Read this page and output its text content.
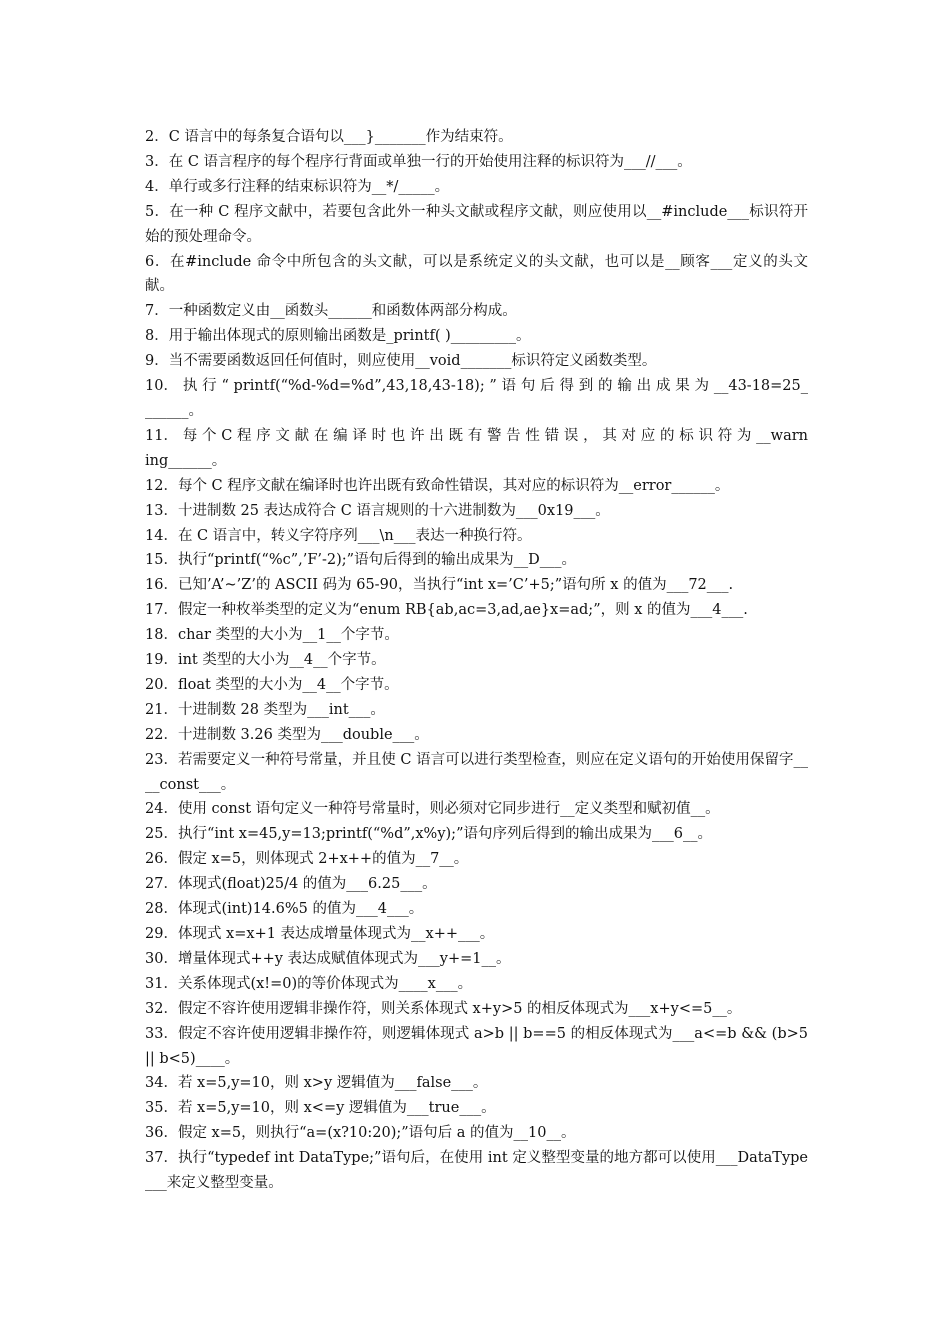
2．C 语言中的每条复合语句以___}_______作为结束符。

3．在 C 语言程序的每个程序行背面或单独一行的开始使用注释的标识符为___//___。

4．单行或多行注释的结束标识符为__*/_____。

5．在一种 C 程序文献中，若要包含此外一种头文献或程序文献，则应使用以__#include___标识符开始的预处理命令。

6．在#include 命令中所包含的头文献，可以是系统定义的头文献，也可以是__顾客___定义的头文献。

7．一种函数定义由__函数头______和函数体两部分构成。

8．用于输出体现式的原则输出函数是_printf( )_________。

9．当不需要函数返回任何值时，则应使用__void_______标识符定义函数类型。

10． 执 行 “ printf(“%d-%d=%d”,43,18,43-18); ” 语 句 后 得 到 的 输 出 成 果 为 __43-18=25_______。

11． 每 个 C 程 序 文 献 在 编 译 时 也 许 出 既 有 警 告 性 错 误 ， 其 对 应 的 标 识 符 为 __warning______。

12．每个 C 程序文献在编译时也许出既有致命性错误，其对应的标识符为__error______。

13．十进制数 25 表达成符合 C 语言规则的十六进制数为___0x19___。

14．在 C 语言中，转义字符序列___\n___表达一种换行符。

15．执行“printf(“%c”,’F’-2);”语句后得到的输出成果为__D___。

16．已知’A’~’Z’的 ASCII 码为 65-90，当执行“int x=’C’+5;”语句所 x 的值为___72___.

17．假定一种枚举类型的定义为“enum RB{ab,ac=3,ad,ae}x=ad;”，则 x 的值为___4___.

18．char 类型的大小为__1__个字节。

19．int 类型的大小为__4__个字节。

20．float 类型的大小为__4__个字节。

21．十进制数 28 类型为___int___。

22．十进制数 3.26 类型为___double___。

23．若需要定义一种符号常量，并且使 C 语言可以进行类型检查，则应在定义语句的开始使用保留字____const___。

24．使用 const 语句定义一种符号常量时，则必须对它同步进行__定义类型和赋初值__。

25．执行“int x=45,y=13;printf(“%d”,x%y);”语句序列后得到的输出成果为___6__。

26．假定 x=5，则体现式 2+x++的值为__7__。

27．体现式(float)25/4 的值为___6.25___。

28．体现式(int)14.6%5 的值为___4___。

29．体现式 x=x+1 表达成增量体现式为__x++___。

30．增量体现式++y 表达成赋值体现式为___y+=1__。

31．关系体现式(x!=0)的等价体现式为____x___。

32．假定不容许使用逻辑非操作符，则关系体现式 x+y>5 的相反体现式为___x+y<=5__。

33．假定不容许使用逻辑非操作符，则逻辑体现式 a>b || b==5 的相反体现式为___a<=b && (b>5 || b<5)____。

34．若 x=5,y=10，则 x>y 逻辑值为___false___。

35．若 x=5,y=10，则 x<=y 逻辑值为___true___。

36．假定 x=5，则执行“a=(x?10:20);”语句后 a 的值为__10__。

37．执行“typedef int DataType;”语句后，在使用 int 定义整型变量的地方都可以使用___DataType___来定义整型变量。
